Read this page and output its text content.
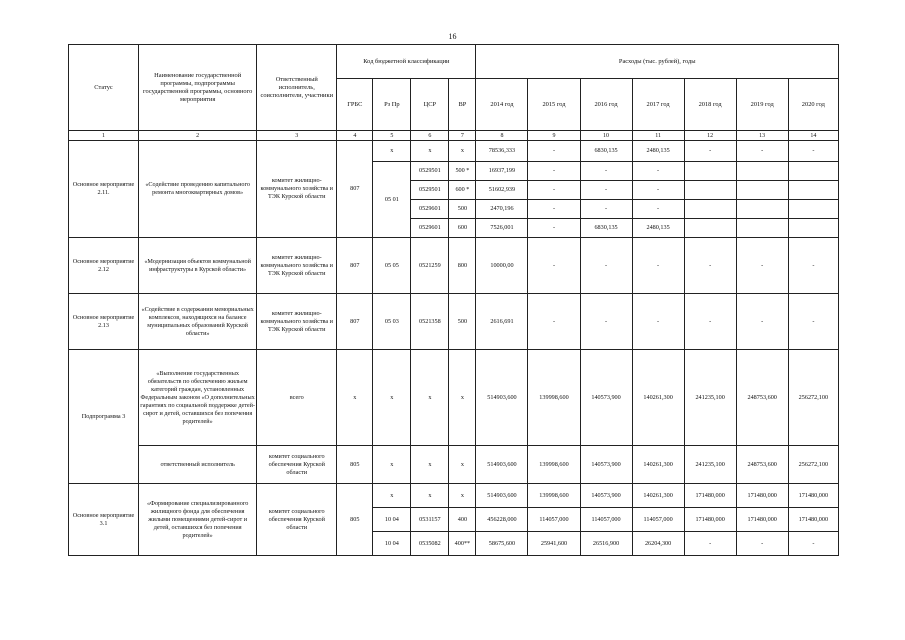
16
Статус	Наименование государственной программы, подпрограммы государственной программы, основного мероприятия	Ответственный исполнитель, соисполнители, участники	Код бюджетной классификации				Расходы (тыс. рублей), годы						
			ГРБС	Рз Пр	ЦСР	ВР	2014 год	2015 год	2016 год	2017 год	2018 год	2019 год	2020 год
1	2	3	4	5	6	7	8	9	10	11	12	13	14
Основное мероприятие 2.11.	«Содействие проведению капитального ремонта многоквартирных домов»	комитет жилищно-коммунального хозяйства и ТЭК Курской области	807	x	x	x	78536,333	-	6830,135	2480,135	-	-	-
				05 01	0529501	500 *	16937,199	-	-	-			
					0529501	600 *	51602,939	-	-	-			
					0529601	500	2470,196	-	-	-			
					0529601	600	7526,001	-	6830,135	2480,135			
Основное мероприятие 2.12	«Модернизация объектов коммунальной инфраструктуры в Курской области»	комитет жилищно-коммунального хозяйства и ТЭК Курской области	807	05 05	0521259	800	10000,00	-	-	-	-	-	-
Основное мероприятие 2.13	«Содействие в содержании мемориальных комплексов, находящихся на балансе муниципальных образований Курской области»	комитет жилищно-коммунального хозяйства и ТЭК Курской области	807	05 03	0521358	500	2616,691	-	-	-	-	-	-
Подпрограмма 3	«Выполнение государственных обязательств по обеспечению жильем категорий граждан, установленных Федеральным законом «О дополнительных гарантиях по социальной поддержке детей-сирот и детей, оставшихся без попечения родителей»	всего	x	x	x	x	514903,600	139998,600	140573,900	140261,300	241235,100	248753,600	256272,100
	ответственный исполнитель	комитет социального обеспечения Курской области	805	x	x	x	514903,600	139998,600	140573,900	140261,300	241235,100	248753,600	256272,100
Основное мероприятие 3.1	«Формирование специализированного жилищного фонда для обеспечения жилыми помещениями детей-сирот и детей, оставшихся без попечения родителей»	комитет социального обеспечения Курской области	805	x	x	x	514903,600	139998,600	140573,900	140261,300	171480,000	171480,000	171480,000
				10 04	0531157	400	456228,000	114057,000	114057,000	114057,000	171480,000	171480,000	171480,000
				10 04	0535082	400**	58675,600	25941,600	26516,900	26204,300	-	-	-
